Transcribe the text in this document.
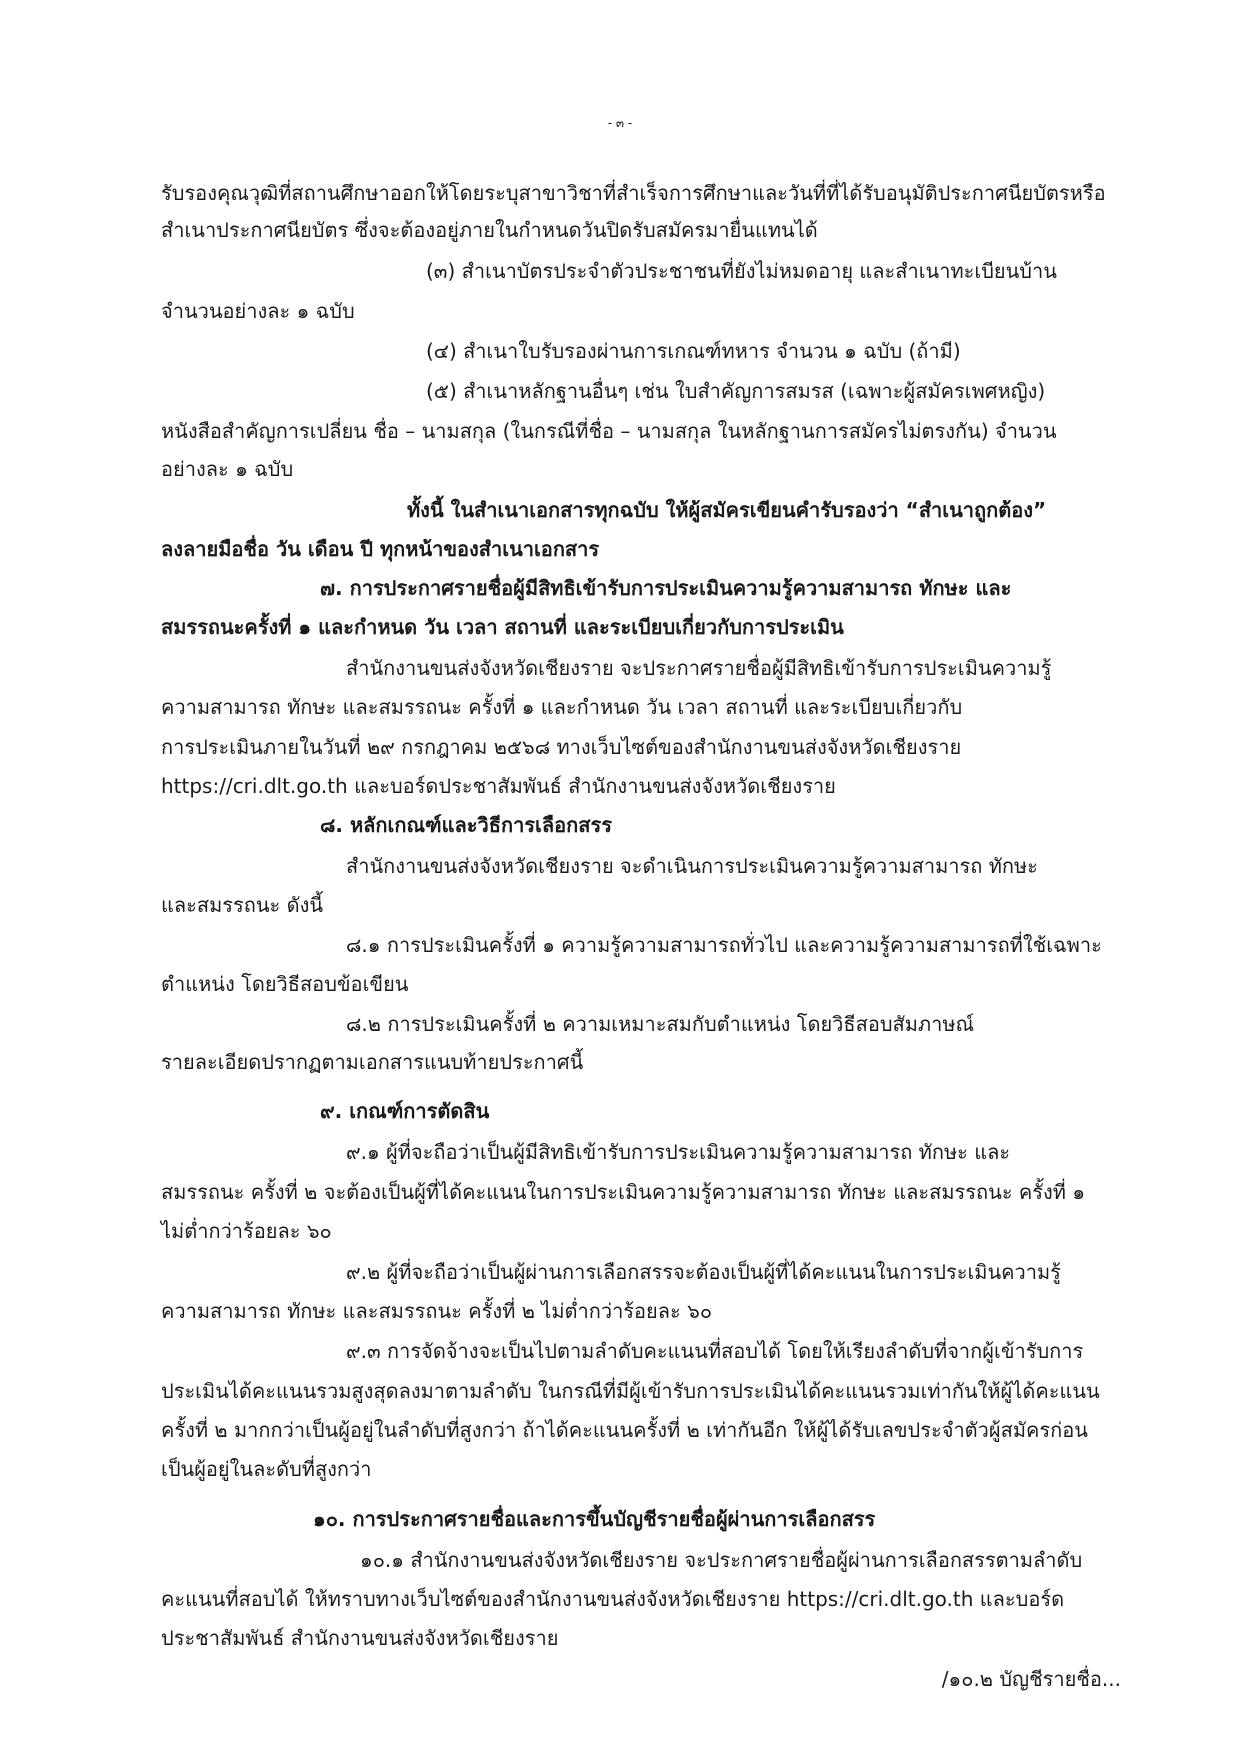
- ๓ -
รับรองคุณวุฒิที่สถานศึกษาออกให้โดยระบุสาขาวิชาที่สำเร็จการศึกษาและวันที่ที่ได้รับอนุมัติประกาศนียบัตรหรือ
สำเนาประกาศนียบัตร ซึ่งจะต้องอยู่ภายในกำหนดวันปิดรับสมัครมายื่นแทนได้
(๓) สำเนาบัตรประจำตัวประชาชนที่ยังไม่หมดอายุ และสำเนาทะเบียนบ้าน
จำนวนอย่างละ ๑ ฉบับ
(๔) สำเนาใบรับรองผ่านการเกณฑ์ทหาร จำนวน ๑ ฉบับ (ถ้ามี)
(๕) สำเนาหลักฐานอื่นๆ เช่น ใบสำคัญการสมรส (เฉพาะผู้สมัครเพศหญิง)
หนังสือสำคัญการเปลี่ยน ชื่อ – นามสกุล (ในกรณีที่ชื่อ – นามสกุล ในหลักฐานการสมัครไม่ตรงกัน) จำนวน
อย่างละ ๑ ฉบับ
ทั้งนี้ ในสำเนาเอกสารทุกฉบับ ให้ผู้สมัครเขียนคำรับรองว่า “สำเนาถูกต้อง”
ลงลายมือชื่อ วัน เดือน ปี ทุกหน้าของสำเนาเอกสาร
๗. การประกาศรายชื่อผู้มีสิทธิเข้ารับการประเมินความรู้ความสามารถ ทักษะ และ
สมรรถนะครั้งที่ ๑ และกำหนด วัน เวลา สถานที่ และระเบียบเกี่ยวกับการประเมิน
สำนักงานขนส่งจังหวัดเชียงราย จะประกาศรายชื่อผู้มีสิทธิเข้ารับการประเมินความรู้
ความสามารถ ทักษะ และสมรรถนะ ครั้งที่ ๑ และกำหนด วัน เวลา สถานที่ และระเบียบเกี่ยวกับ
การประเมินภายในวันที่ ๒๙ กรกฎาคม ๒๕๖๘ ทางเว็บไซต์ของสำนักงานขนส่งจังหวัดเชียงราย
https://cri.dlt.go.th และบอร์ดประชาสัมพันธ์ สำนักงานขนส่งจังหวัดเชียงราย
๘. หลักเกณฑ์และวิธีการเลือกสรร
สำนักงานขนส่งจังหวัดเชียงราย จะดำเนินการประเมินความรู้ความสามารถ ทักษะ
และสมรรถนะ ดังนี้
๘.๑ การประเมินครั้งที่ ๑ ความรู้ความสามารถทั่วไป และความรู้ความสามารถที่ใช้เฉพาะ
ตำแหน่ง โดยวิธีสอบข้อเขียน
๘.๒ การประเมินครั้งที่ ๒ ความเหมาะสมกับตำแหน่ง โดยวิธีสอบสัมภาษณ์
รายละเอียดปรากฏตามเอกสารแนบท้ายประกาศนี้
๙. เกณฑ์การตัดสิน
๙.๑ ผู้ที่จะถือว่าเป็นผู้มีสิทธิเข้ารับการประเมินความรู้ความสามารถ ทักษะ และ
สมรรถนะ ครั้งที่ ๒ จะต้องเป็นผู้ที่ได้คะแนนในการประเมินความรู้ความสามารถ ทักษะ และสมรรถนะ ครั้งที่ ๑
ไม่ต่ำกว่าร้อยละ ๖๐
๙.๒ ผู้ที่จะถือว่าเป็นผู้ผ่านการเลือกสรรจะต้องเป็นผู้ที่ได้คะแนนในการประเมินความรู้
ความสามารถ ทักษะ และสมรรถนะ ครั้งที่ ๒ ไม่ต่ำกว่าร้อยละ ๖๐
๙.๓ การจัดจ้างจะเป็นไปตามลำดับคะแนนที่สอบได้ โดยให้เรียงลำดับที่จากผู้เข้ารับการ
ประเมินได้คะแนนรวมสูงสุดลงมาตามลำดับ ในกรณีที่มีผู้เข้ารับการประเมินได้คะแนนรวมเท่ากันให้ผู้ได้คะแนน
ครั้งที่ ๒ มากกว่าเป็นผู้อยู่ในลำดับที่สูงกว่า ถ้าได้คะแนนครั้งที่ ๒ เท่ากันอีก ให้ผู้ได้รับเลขประจำตัวผู้สมัครก่อน
เป็นผู้อยู่ในละดับที่สูงกว่า
๑๐. การประกาศรายชื่อและการขึ้นบัญชีรายชื่อผู้ผ่านการเลือกสรร
๑๐.๑ สำนักงานขนส่งจังหวัดเชียงราย จะประกาศรายชื่อผู้ผ่านการเลือกสรรตามลำดับ
คะแนนที่สอบได้ ให้ทราบทางเว็บไซต์ของสำนักงานขนส่งจังหวัดเชียงราย https://cri.dlt.go.th และบอร์ด
ประชาสัมพันธ์ สำนักงานขนส่งจังหวัดเชียงราย
/๑๐.๒ บัญชีรายชื่อ...
